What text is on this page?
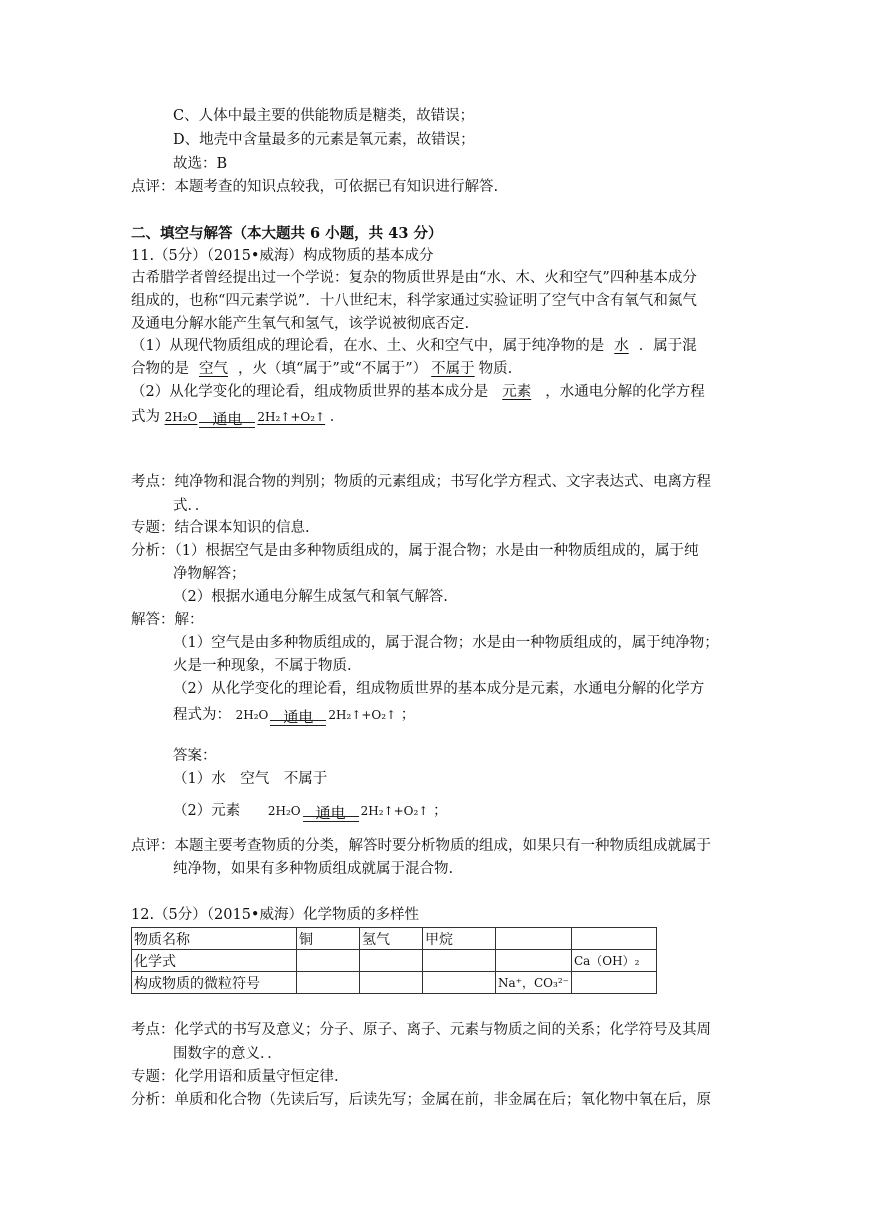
C、人体中最主要的供能物质是糖类，故错误；
D、地壳中含量最多的元素是氧元素，故错误；
故选：B
点评：本题考查的知识点较我，可依据已有知识进行解答.
二、填空与解答（本大题共 6 小题，共 43 分）
11.（5分）（2015•威海）构成物质的基本成分
古希腊学者曾经提出过一个学说：复杂的物质世界是由“水、木、火和空气”四种基本成分
组成的，也称“四元素学说”．十八世纪末，科学家通过实验证明了空气中含有氧气和氮气
及通电分解水能产生氧气和氢气，该学说被彻底否定.
（1）从现代物质组成的理论看，在水、土、火和空气中，属于纯净物的是 水 ．属于混
合物的是 空气 ，火（填“属于”或“不属于”） 不属于 物质.
（2）从化学变化的理论看，组成物质世界的基本成分是 元素 ，水通电分解的化学方程
式为 2H₂O 通电	2H₂↑+O₂↑ ．
考点：纯净物和混合物的判别；物质的元素组成；书写化学方程式、文字表达式、电离方程
式．．
专题：结合课本知识的信息.
分析：（1）根据空气是由多种物质组成的，属于混合物；水是由一种物质组成的，属于纯
净物解答；
（2）根据水通电分解生成氢气和氧气解答.
解答：解：
（1）空气是由多种物质组成的，属于混合物；水是由一种物质组成的，属于纯净物；
火是一种现象，不属于物质.
（2）从化学变化的理论看，组成物质世界的基本成分是元素，水通电分解的化学方
程式为： 2H₂O 通电	2H₂↑+O₂↑ ；
答案：
（1）水　空气　不属于
（2）元素 2H₂O 通电	2H₂↑+O₂↑ ；
点评：本题主要考查物质的分类，解答时要分析物质的组成，如果只有一种物质组成就属于
纯净物，如果有多种物质组成就属于混合物.
12.（5分）（2015•威海）化学物质的多样性
物质名称	铜	氢气	甲烷		
化学式					Ca（OH）₂
构成物质的微粒符号				Na⁺，CO₃²⁻	
考点：化学式的书写及意义；分子、原子、离子、元素与物质之间的关系；化学符号及其周
围数字的意义．．
专题：化学用语和质量守恒定律.
分析：单质和化合物（先读后写，后读先写；金属在前，非金属在后；氧化物中氧在后，原
